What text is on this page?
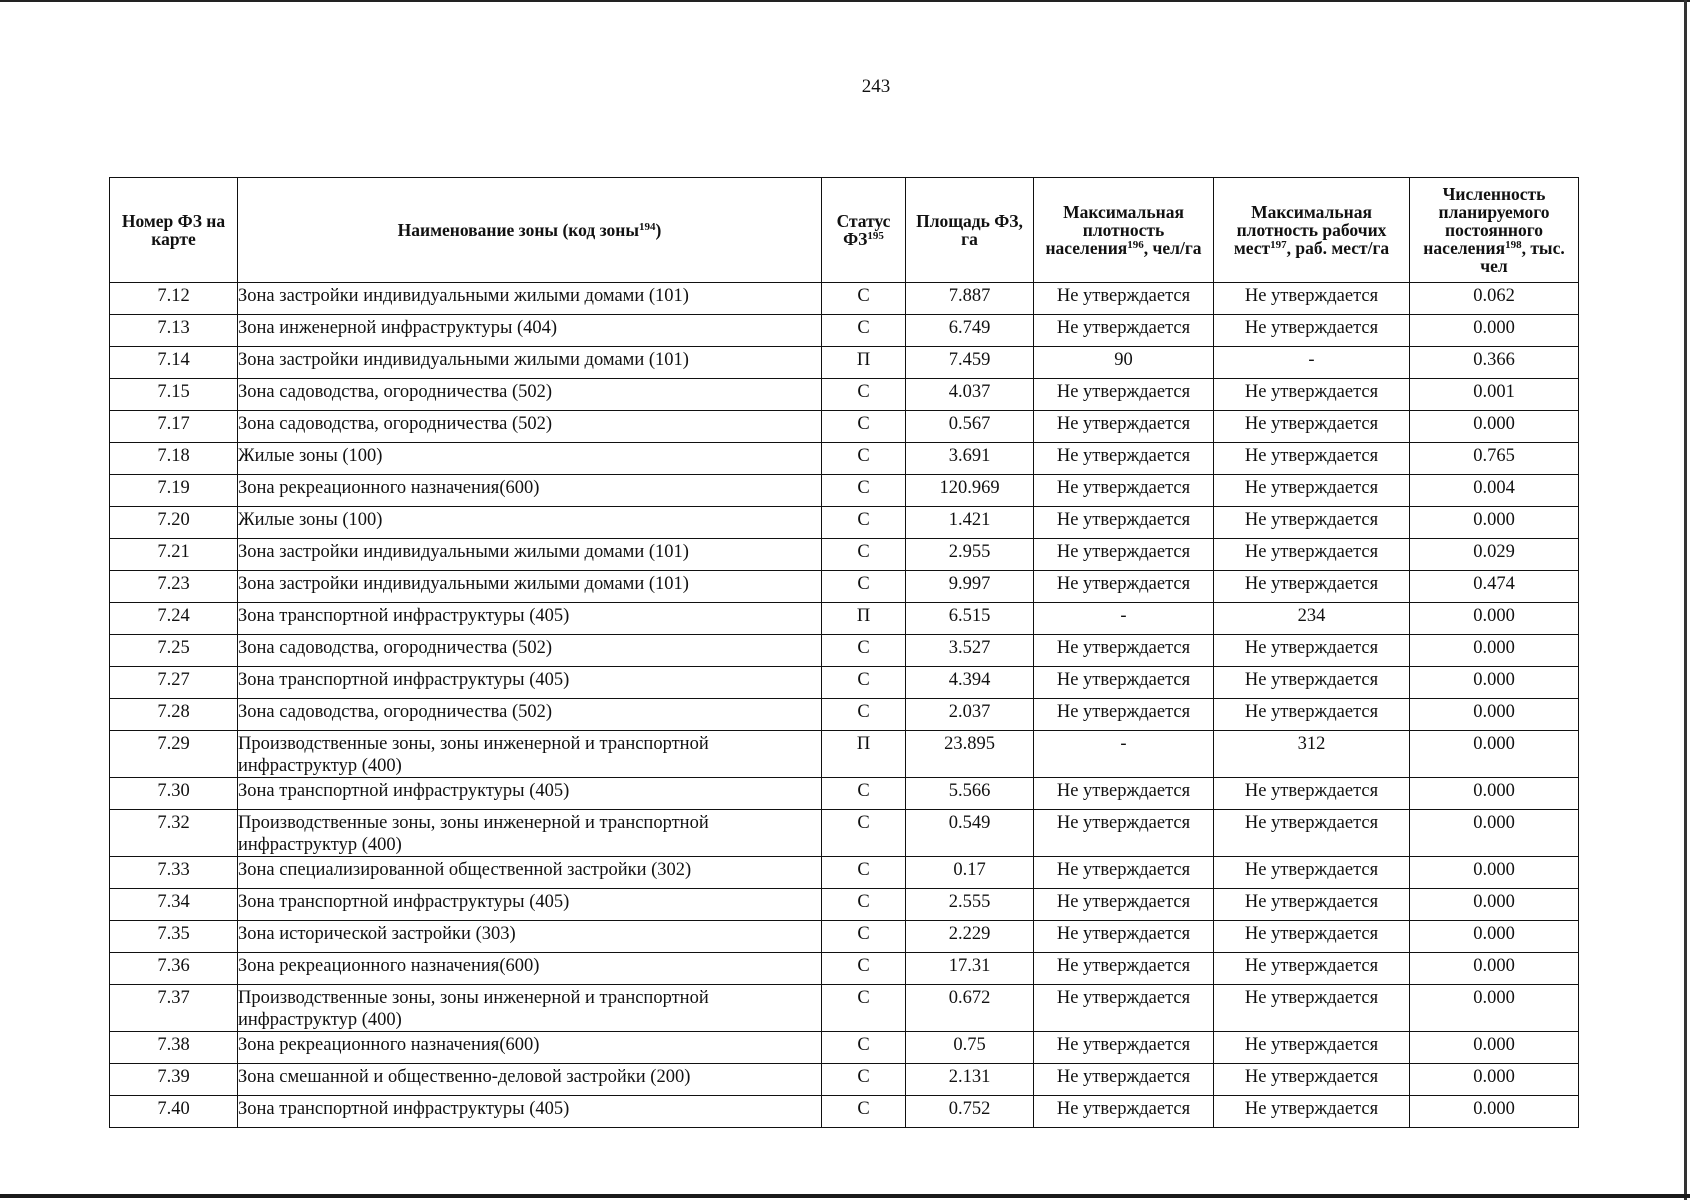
243
Номер ФЗ на карте	Наименование зоны (код зоны$^{194}$)	Статус ФЗ$^{195}$	Площадь ФЗ, га	Максимальная плотность населения$^{196}$, чел/га	Максимальная плотность рабочих мест$^{197}$, раб. мест/га	Численность планируемого постоянного населения$^{198}$, тыс. чел
7.12	Зона застройки индивидуальными жилыми домами (101)	С	7.887	Не утверждается	Не утверждается	0.062
7.13	Зона инженерной инфраструктуры (404)	С	6.749	Не утверждается	Не утверждается	0.000
7.14	Зона застройки индивидуальными жилыми домами (101)	П	7.459	90	-	0.366
7.15	Зона садоводства, огородничества (502)	С	4.037	Не утверждается	Не утверждается	0.001
7.17	Зона садоводства, огородничества (502)	С	0.567	Не утверждается	Не утверждается	0.000
7.18	Жилые зоны (100)	С	3.691	Не утверждается	Не утверждается	0.765
7.19	Зона рекреационного назначения(600)	С	120.969	Не утверждается	Не утверждается	0.004
7.20	Жилые зоны (100)	С	1.421	Не утверждается	Не утверждается	0.000
7.21	Зона застройки индивидуальными жилыми домами (101)	С	2.955	Не утверждается	Не утверждается	0.029
7.23	Зона застройки индивидуальными жилыми домами (101)	С	9.997	Не утверждается	Не утверждается	0.474
7.24	Зона транспортной инфраструктуры (405)	П	6.515	-	234	0.000
7.25	Зона садоводства, огородничества (502)	С	3.527	Не утверждается	Не утверждается	0.000
7.27	Зона транспортной инфраструктуры (405)	С	4.394	Не утверждается	Не утверждается	0.000
7.28	Зона садоводства, огородничества (502)	С	2.037	Не утверждается	Не утверждается	0.000
7.29	Производственные зоны, зоны инженерной и транспортной инфраструктур (400)	П	23.895	-	312	0.000
7.30	Зона транспортной инфраструктуры (405)	С	5.566	Не утверждается	Не утверждается	0.000
7.32	Производственные зоны, зоны инженерной и транспортной инфраструктур (400)	С	0.549	Не утверждается	Не утверждается	0.000
7.33	Зона специализированной общественной застройки (302)	С	0.17	Не утверждается	Не утверждается	0.000
7.34	Зона транспортной инфраструктуры (405)	С	2.555	Не утверждается	Не утверждается	0.000
7.35	Зона исторической застройки (303)	С	2.229	Не утверждается	Не утверждается	0.000
7.36	Зона рекреационного назначения(600)	С	17.31	Не утверждается	Не утверждается	0.000
7.37	Производственные зоны, зоны инженерной и транспортной инфраструктур (400)	С	0.672	Не утверждается	Не утверждается	0.000
7.38	Зона рекреационного назначения(600)	С	0.75	Не утверждается	Не утверждается	0.000
7.39	Зона смешанной и общественно-деловой застройки (200)	С	2.131	Не утверждается	Не утверждается	0.000
7.40	Зона транспортной инфраструктуры (405)	С	0.752	Не утверждается	Не утверждается	0.000
